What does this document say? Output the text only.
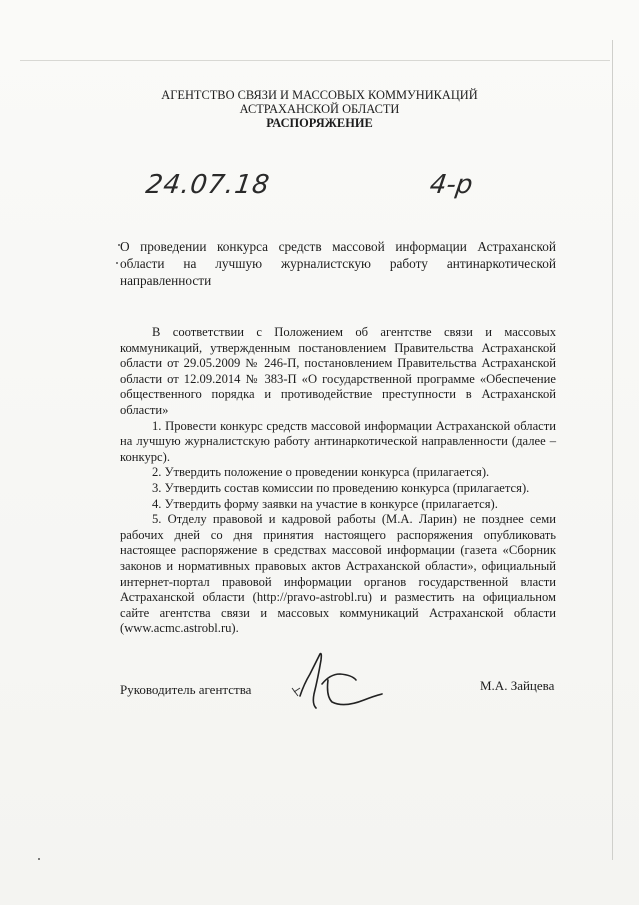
АГЕНТСТВО СВЯЗИ И МАССОВЫХ КОММУНИКАЦИЙ
АСТРАХАНСКОЙ ОБЛАСТИ
РАСПОРЯЖЕНИЕ
24.07.18	4-р
О проведении конкурса средств массовой информации Астраханской области на лучшую журналистскую работу антинаркотической направленности

В соответствии с Положением об агентстве связи и массовых коммуникаций, утвержденным постановлением Правительства Астраханской области от 29.05.2009 № 246-П, постановлением Правительства Астраханской области от 12.09.2014 № 383-П «О государственной программе «Обеспечение общественного порядка и противодействие преступности в Астраханской области»

1. Провести конкурс средств массовой информации Астраханской области на лучшую журналистскую работу антинаркотической направленности (далее – конкурс).

2. Утвердить положение о проведении конкурса (прилагается).

3. Утвердить состав комиссии по проведению конкурса (прилагается).

4. Утвердить форму заявки на участие в конкурсе (прилагается).

5. Отделу правовой и кадровой работы (М.А. Ларин) не позднее семи рабочих дней со дня принятия настоящего распоряжения опубликовать настоящее распоряжение в средствах массовой информации (газета «Сборник законов и нормативных правовых актов Астраханской области», официальный интернет-портал правовой информации органов государственной власти Астраханской области (http://pravo-astrobl.ru) и разместить на официальном сайте агентства связи и массовых коммуникаций Астраханской области (www.acmc.astrobl.ru).

Руководитель агентства	М.А. Зайцева
